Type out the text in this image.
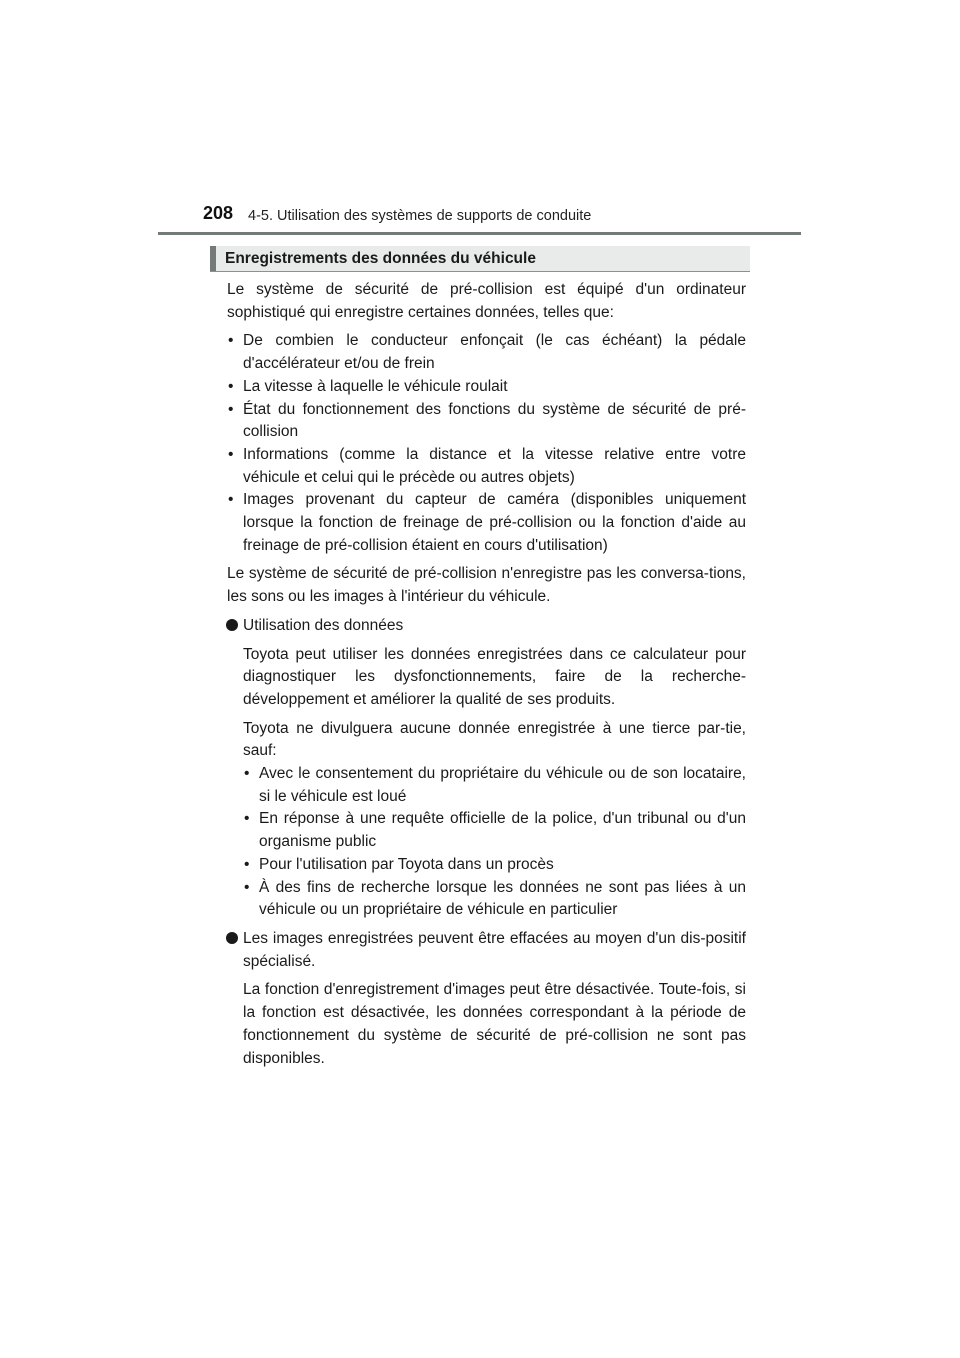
208 4-5. Utilisation des systèmes de supports de conduite
Enregistrements des données du véhicule

Le système de sécurité de pré-collision est équipé d'un ordinateur sophistiqué qui enregistre certaines données, telles que:

• De combien le conducteur enfonçait (le cas échéant) la pédale d'accélérateur et/ou de frein
• La vitesse à laquelle le véhicule roulait
• État du fonctionnement des fonctions du système de sécurité de pré-collision
• Informations (comme la distance et la vitesse relative entre votre véhicule et celui qui le précède ou autres objets)
• Images provenant du capteur de caméra (disponibles uniquement lorsque la fonction de freinage de pré-collision ou la fonction d'aide au freinage de pré-collision étaient en cours d'utilisation)

Le système de sécurité de pré-collision n'enregistre pas les conversa-tions, les sons ou les images à l'intérieur du véhicule.

Utilisation des données

Toyota peut utiliser les données enregistrées dans ce calculateur pour diagnostiquer les dysfonctionnements, faire de la recherche-développement et améliorer la qualité de ses produits.

Toyota ne divulguera aucune donnée enregistrée à une tierce par-tie, sauf:

• Avec le consentement du propriétaire du véhicule ou de son locataire, si le véhicule est loué
• En réponse à une requête officielle de la police, d'un tribunal ou d'un organisme public
• Pour l'utilisation par Toyota dans un procès
• À des fins de recherche lorsque les données ne sont pas liées à un véhicule ou un propriétaire de véhicule en particulier
Les images enregistrées peuvent être effacées au moyen d'un dis-positif spécialisé.

La fonction d'enregistrement d'images peut être désactivée. Toute-fois, si la fonction est désactivée, les données correspondant à la période de fonctionnement du système de sécurité de pré-collision ne sont pas disponibles.
